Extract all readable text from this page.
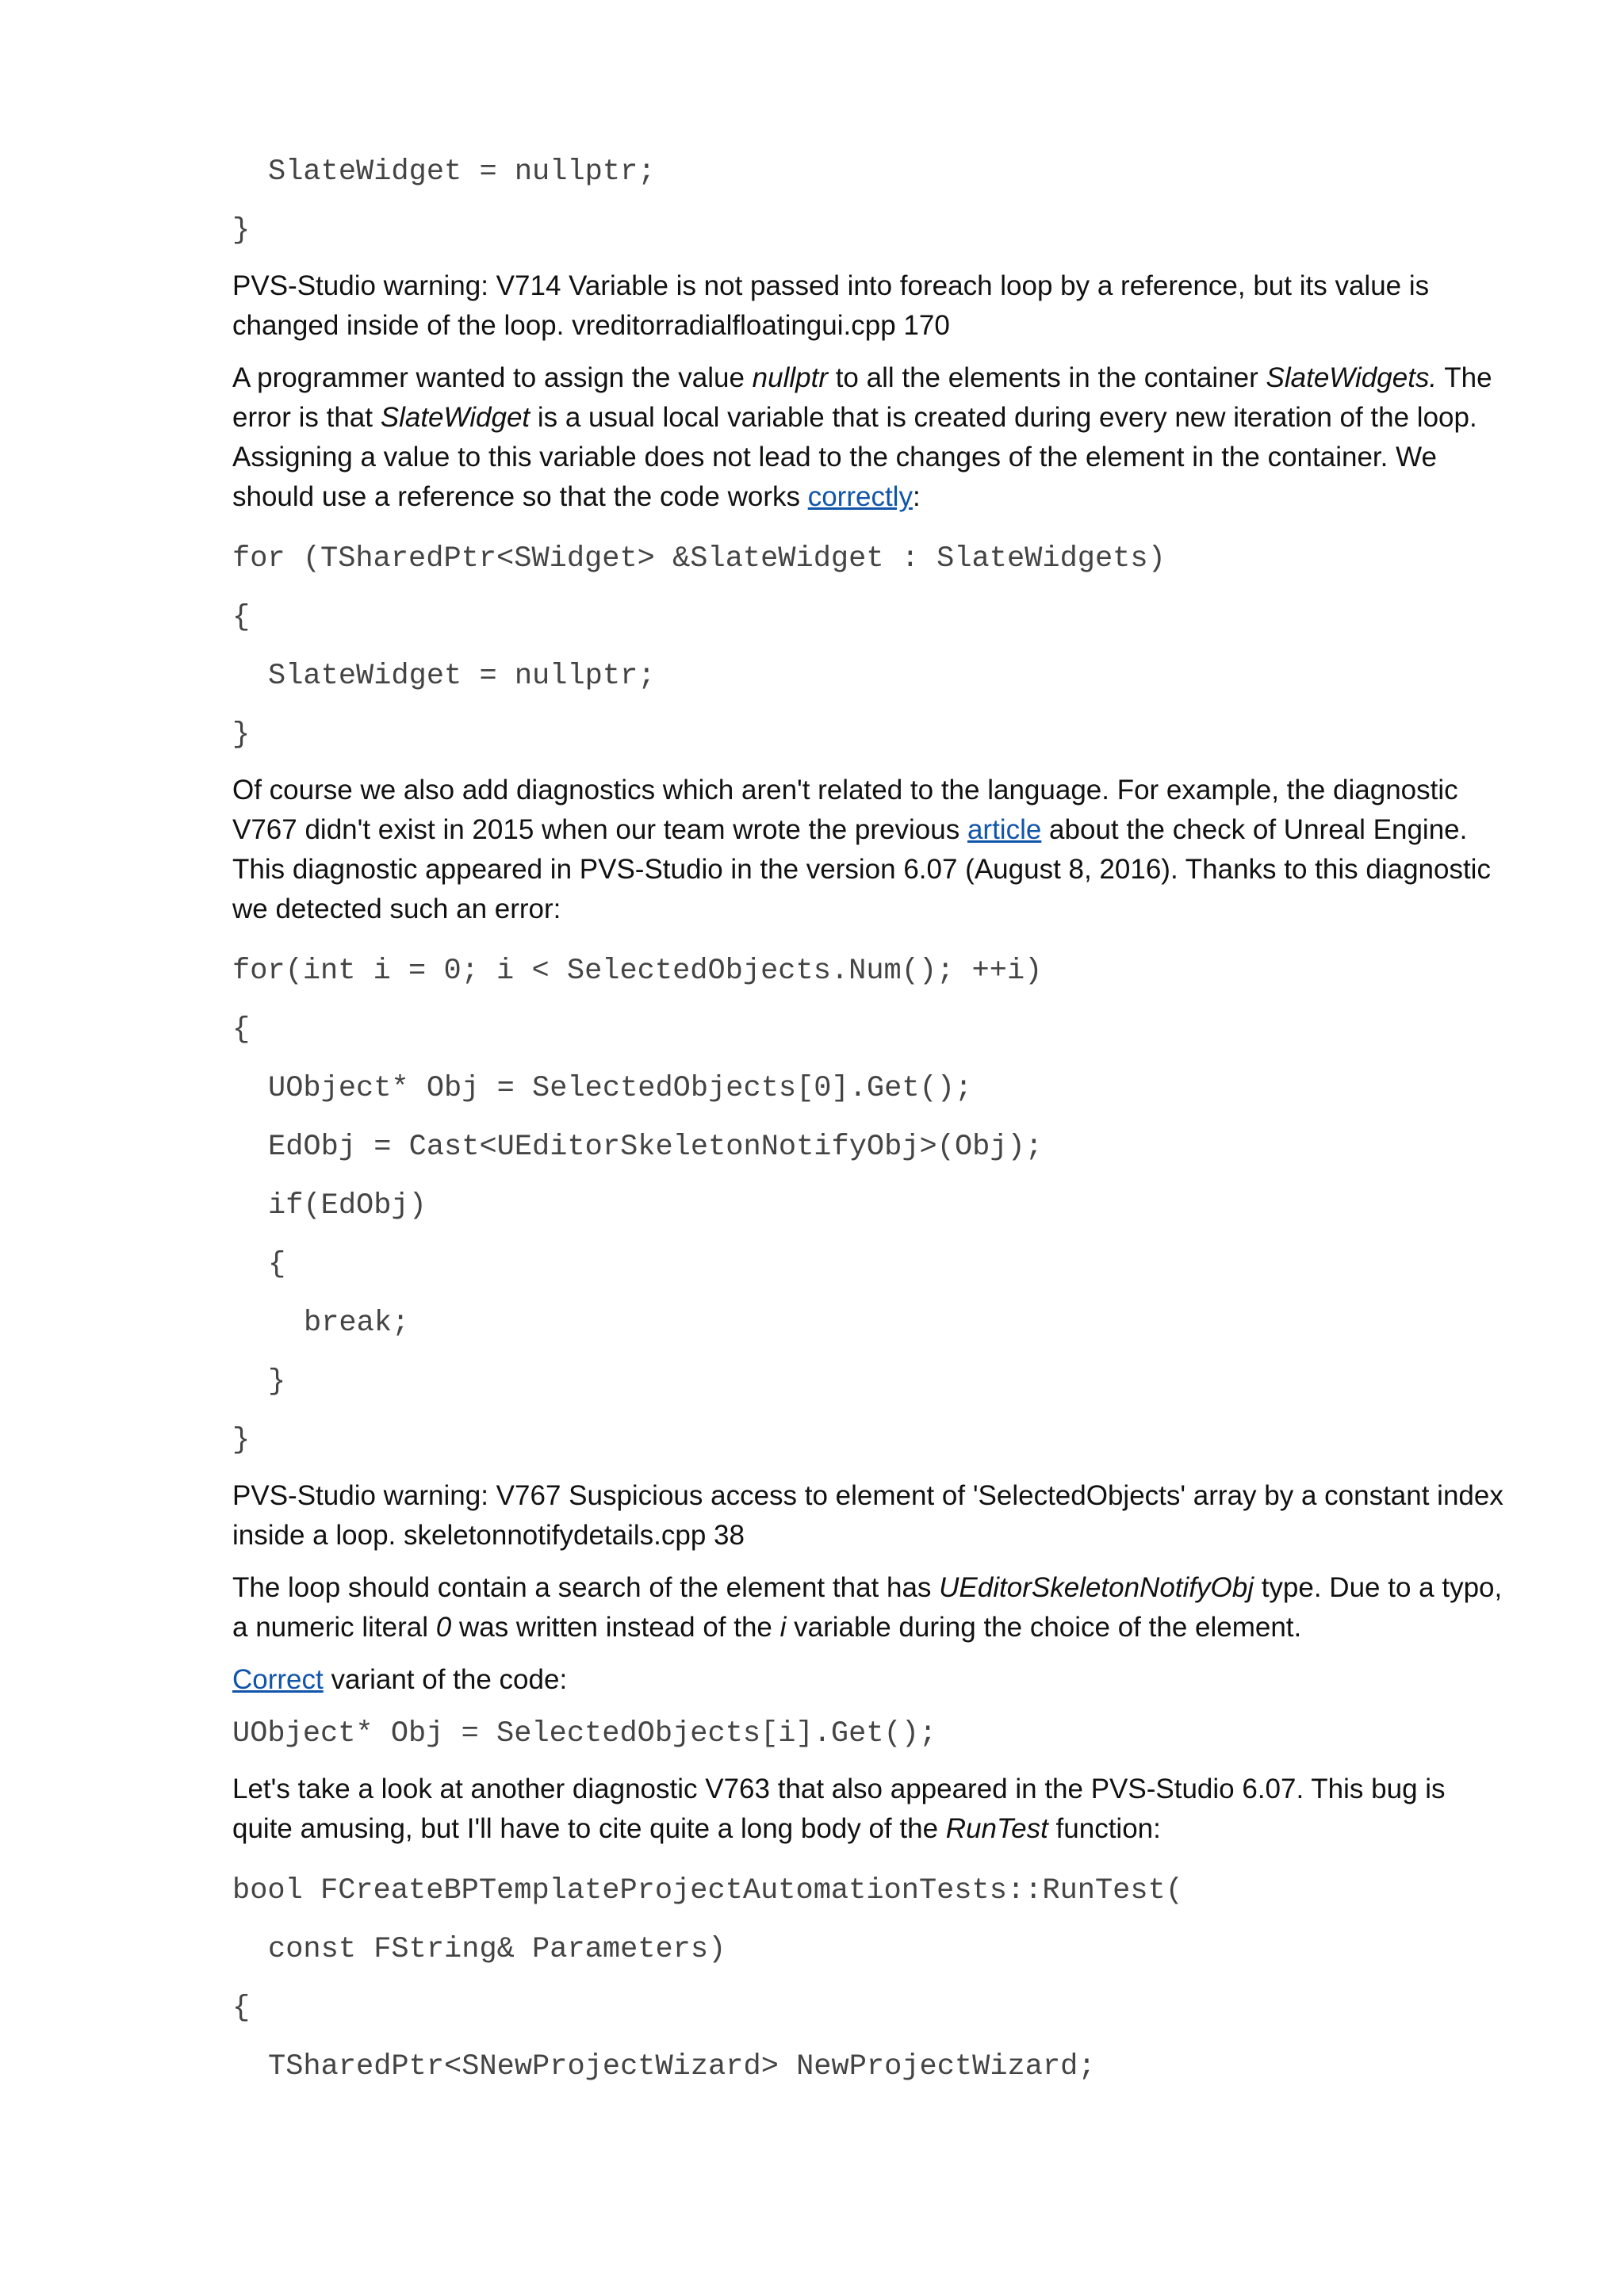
SlateWidget = nullptr;
}

PVS-Studio warning: V714 Variable is not passed into foreach loop by a reference, but its value is changed inside of the loop. vreditorradialfloatingui.cpp 170

A programmer wanted to assign the value nullptr to all the elements in the container SlateWidgets. The error is that SlateWidget is a usual local variable that is created during every new iteration of the loop. Assigning a value to this variable does not lead to the changes of the element in the container. We should use a reference so that the code works correctly:

for (TSharedPtr<SWidget> &SlateWidget : SlateWidgets)
{
SlateWidget = nullptr;
}

Of course we also add diagnostics which aren't related to the language. For example, the diagnostic V767 didn't exist in 2015 when our team wrote the previous article about the check of Unreal Engine. This diagnostic appeared in PVS-Studio in the version 6.07 (August 8, 2016). Thanks to this diagnostic we detected such an error:

for(int i = 0; i < SelectedObjects.Num(); ++i)
{
UObject* Obj = SelectedObjects[0].Get();
EdObj = Cast<UEditorSkeletonNotifyObj>(Obj);
if(EdObj)
{
break;
}
}

PVS-Studio warning: V767 Suspicious access to element of 'SelectedObjects' array by a constant index inside a loop. skeletonnotifydetails.cpp 38

The loop should contain a search of the element that has UEditorSkeletonNotifyObj type. Due to a typo, a numeric literal 0 was written instead of the i variable during the choice of the element.

Correct variant of the code:

UObject* Obj = SelectedObjects[i].Get();

Let's take a look at another diagnostic V763 that also appeared in the PVS-Studio 6.07. This bug is quite amusing, but I'll have to cite quite a long body of the RunTest function:

bool FCreateBPTemplateProjectAutomationTests::RunTest(
const FString& Parameters)
{
TSharedPtr<SNewProjectWizard> NewProjectWizard;
